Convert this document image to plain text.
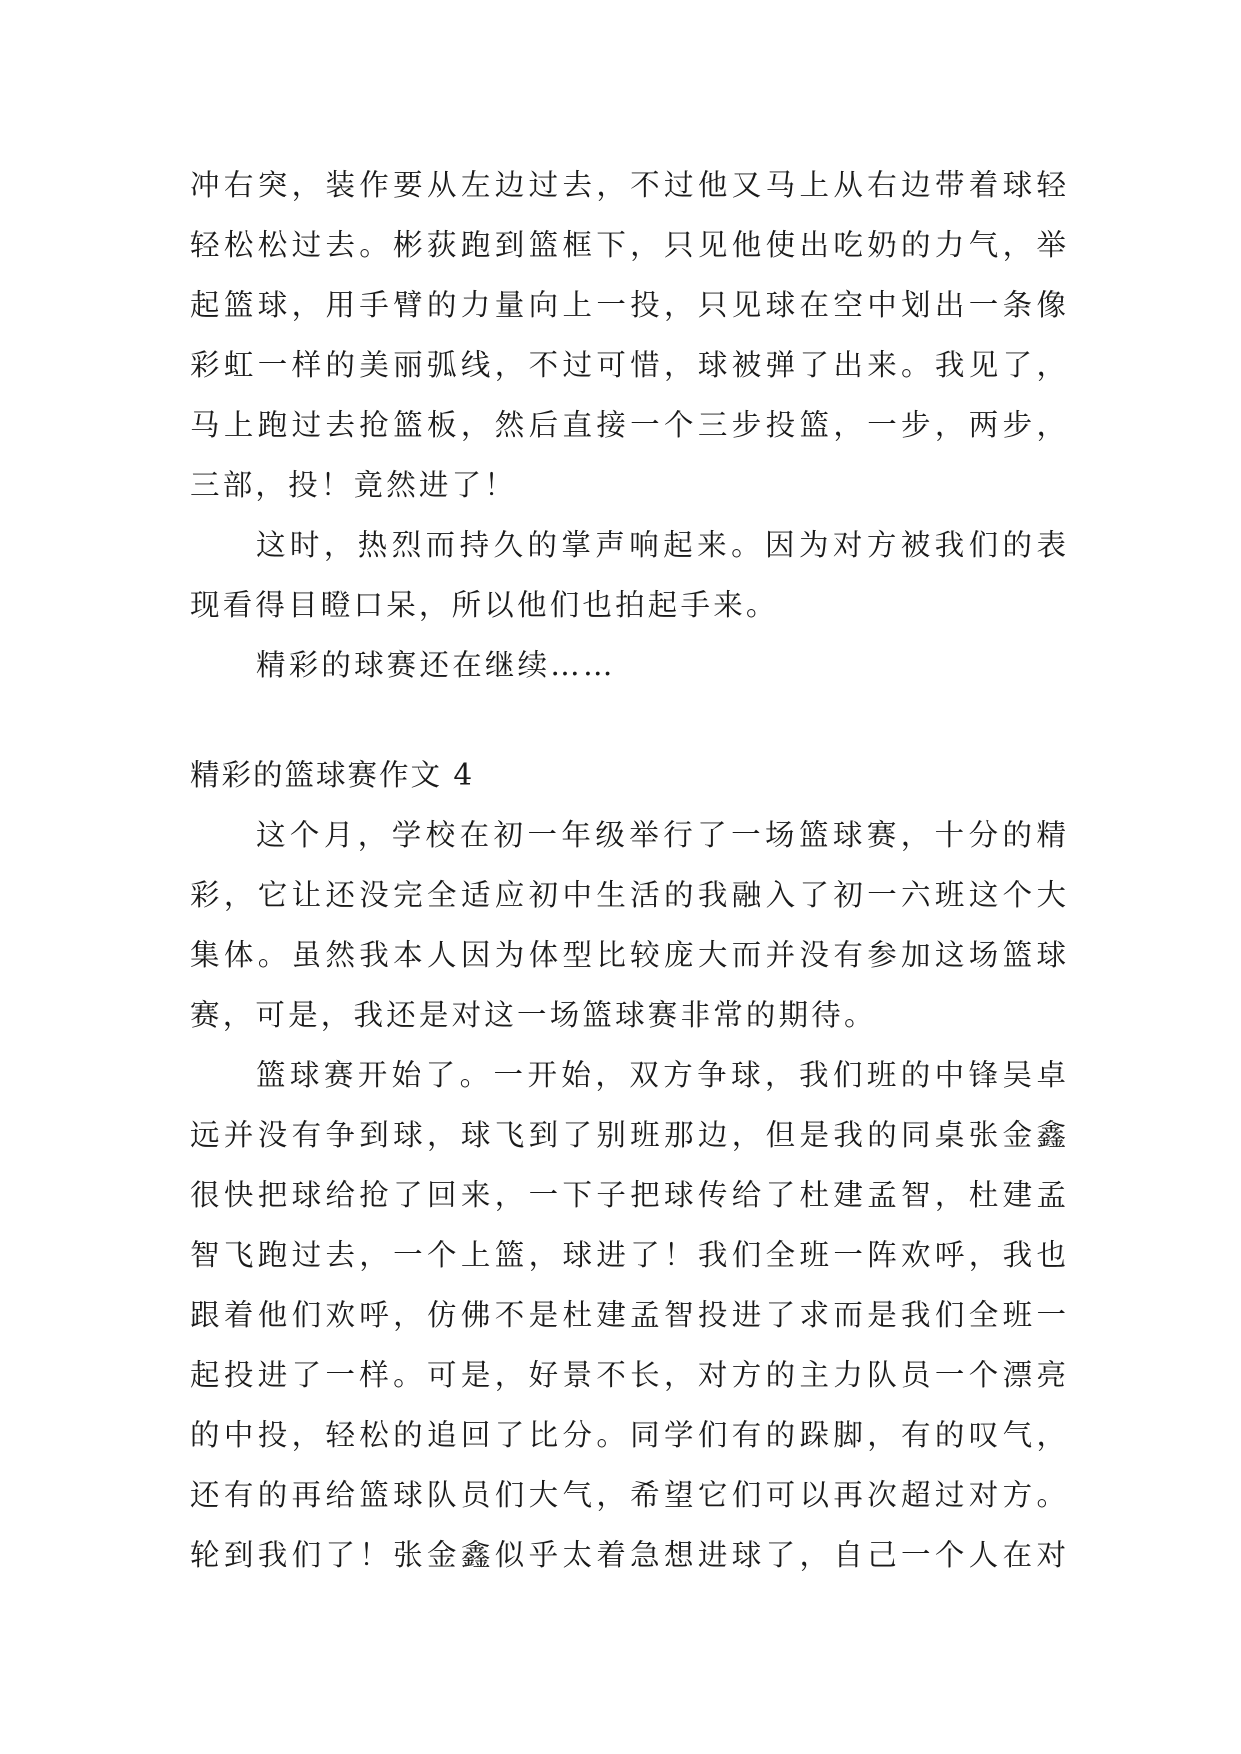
冲右突，装作要从左边过去，不过他又马上从右边带着球轻
轻松松过去。彬荻跑到篮框下，只见他使出吃奶的力气，举
起篮球，用手臂的力量向上一投，只见球在空中划出一条像
彩虹一样的美丽弧线，不过可惜，球被弹了出来。我见了，
马上跑过去抢篮板，然后直接一个三步投篮，一步，两步，
三部，投！竟然进了！
这时，热烈而持久的掌声响起来。因为对方被我们的表
现看得目瞪口呆，所以他们也拍起手来。
精彩的球赛还在继续……
精彩的篮球赛作文 4
这个月，学校在初一年级举行了一场篮球赛，十分的精
彩，它让还没完全适应初中生活的我融入了初一六班这个大
集体。虽然我本人因为体型比较庞大而并没有参加这场篮球
赛，可是，我还是对这一场篮球赛非常的期待。
篮球赛开始了。一开始，双方争球，我们班的中锋吴卓
远并没有争到球，球飞到了别班那边，但是我的同桌张金鑫
很快把球给抢了回来，一下子把球传给了杜建孟智，杜建孟
智飞跑过去，一个上篮，球进了！我们全班一阵欢呼，我也
跟着他们欢呼，仿佛不是杜建孟智投进了求而是我们全班一
起投进了一样。可是，好景不长，对方的主力队员一个漂亮
的中投，轻松的追回了比分。同学们有的跺脚，有的叹气，
还有的再给篮球队员们大气，希望它们可以再次超过对方。
轮到我们了！张金鑫似乎太着急想进球了，自己一个人在对
